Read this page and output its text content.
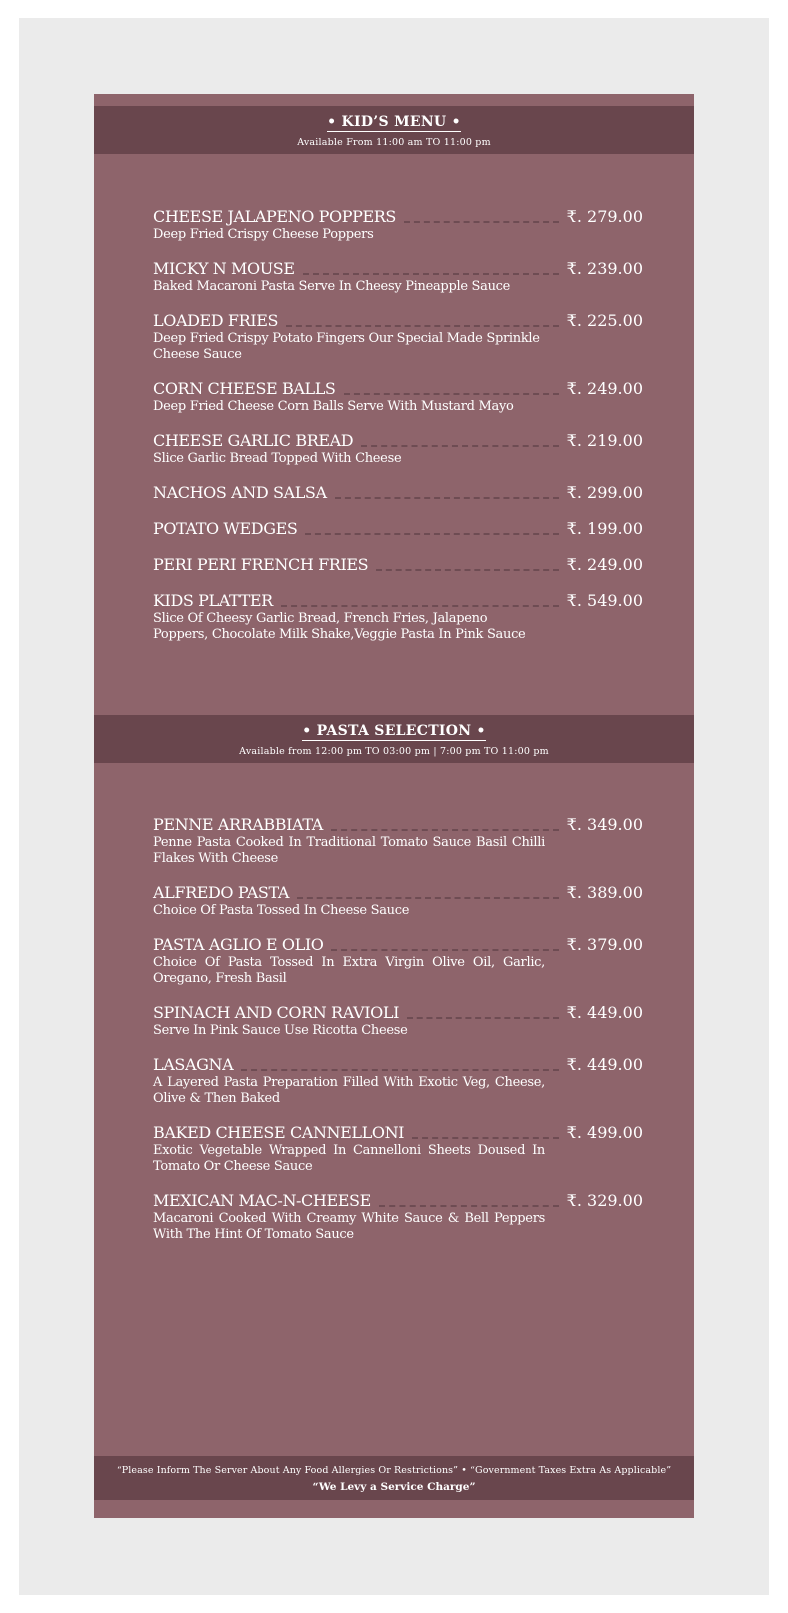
• KID’S MENU •
Available From 11:00 am TO 11:00 pm
CHEESE JALAPENO POPPERS	₹. 279.00
Deep Fried Crispy Cheese Poppers
MICKY N MOUSE	₹. 239.00
Baked Macaroni Pasta Serve In Cheesy Pineapple Sauce
LOADED FRIES	₹. 225.00
Deep Fried Crispy Potato Fingers Our Special Made Sprinkle Cheese Sauce
CORN CHEESE BALLS	₹. 249.00
Deep Fried Cheese Corn Balls Serve With Mustard Mayo
CHEESE GARLIC BREAD	₹. 219.00
Slice Garlic Bread Topped With Cheese
NACHOS AND SALSA	₹. 299.00
POTATO WEDGES	₹. 199.00
PERI PERI FRENCH FRIES	₹. 249.00
KIDS PLATTER	₹. 549.00
Slice Of Cheesy Garlic Bread, French Fries, Jalapeno Poppers, Chocolate Milk Shake,Veggie Pasta In Pink Sauce
• PASTA SELECTION •
Available from 12:00 pm TO 03:00 pm | 7:00 pm TO 11:00 pm
PENNE ARRABBIATA	₹. 349.00
Penne Pasta Cooked In Traditional Tomato Sauce Basil Chilli Flakes With Cheese
ALFREDO PASTA	₹. 389.00
Choice Of Pasta Tossed In Cheese Sauce
PASTA AGLIO E OLIO	₹. 379.00
Choice Of Pasta Tossed In Extra Virgin Olive Oil, Garlic, Oregano, Fresh Basil
SPINACH AND CORN RAVIOLI	₹. 449.00
Serve In Pink Sauce Use Ricotta Cheese
LASAGNA	₹. 449.00
A Layered Pasta Preparation Filled With Exotic Veg, Cheese, Olive & Then Baked
BAKED CHEESE CANNELLONI	₹. 499.00
Exotic Vegetable Wrapped In Cannelloni Sheets Doused In Tomato Or Cheese Sauce
MEXICAN MAC-N-CHEESE	₹. 329.00
Macaroni Cooked With Creamy White Sauce & Bell Peppers With The Hint Of Tomato Sauce
“Please Inform The Server About Any Food Allergies Or Restrictions” • “Government Taxes Extra As Applicable”
“We Levy a Service Charge”
